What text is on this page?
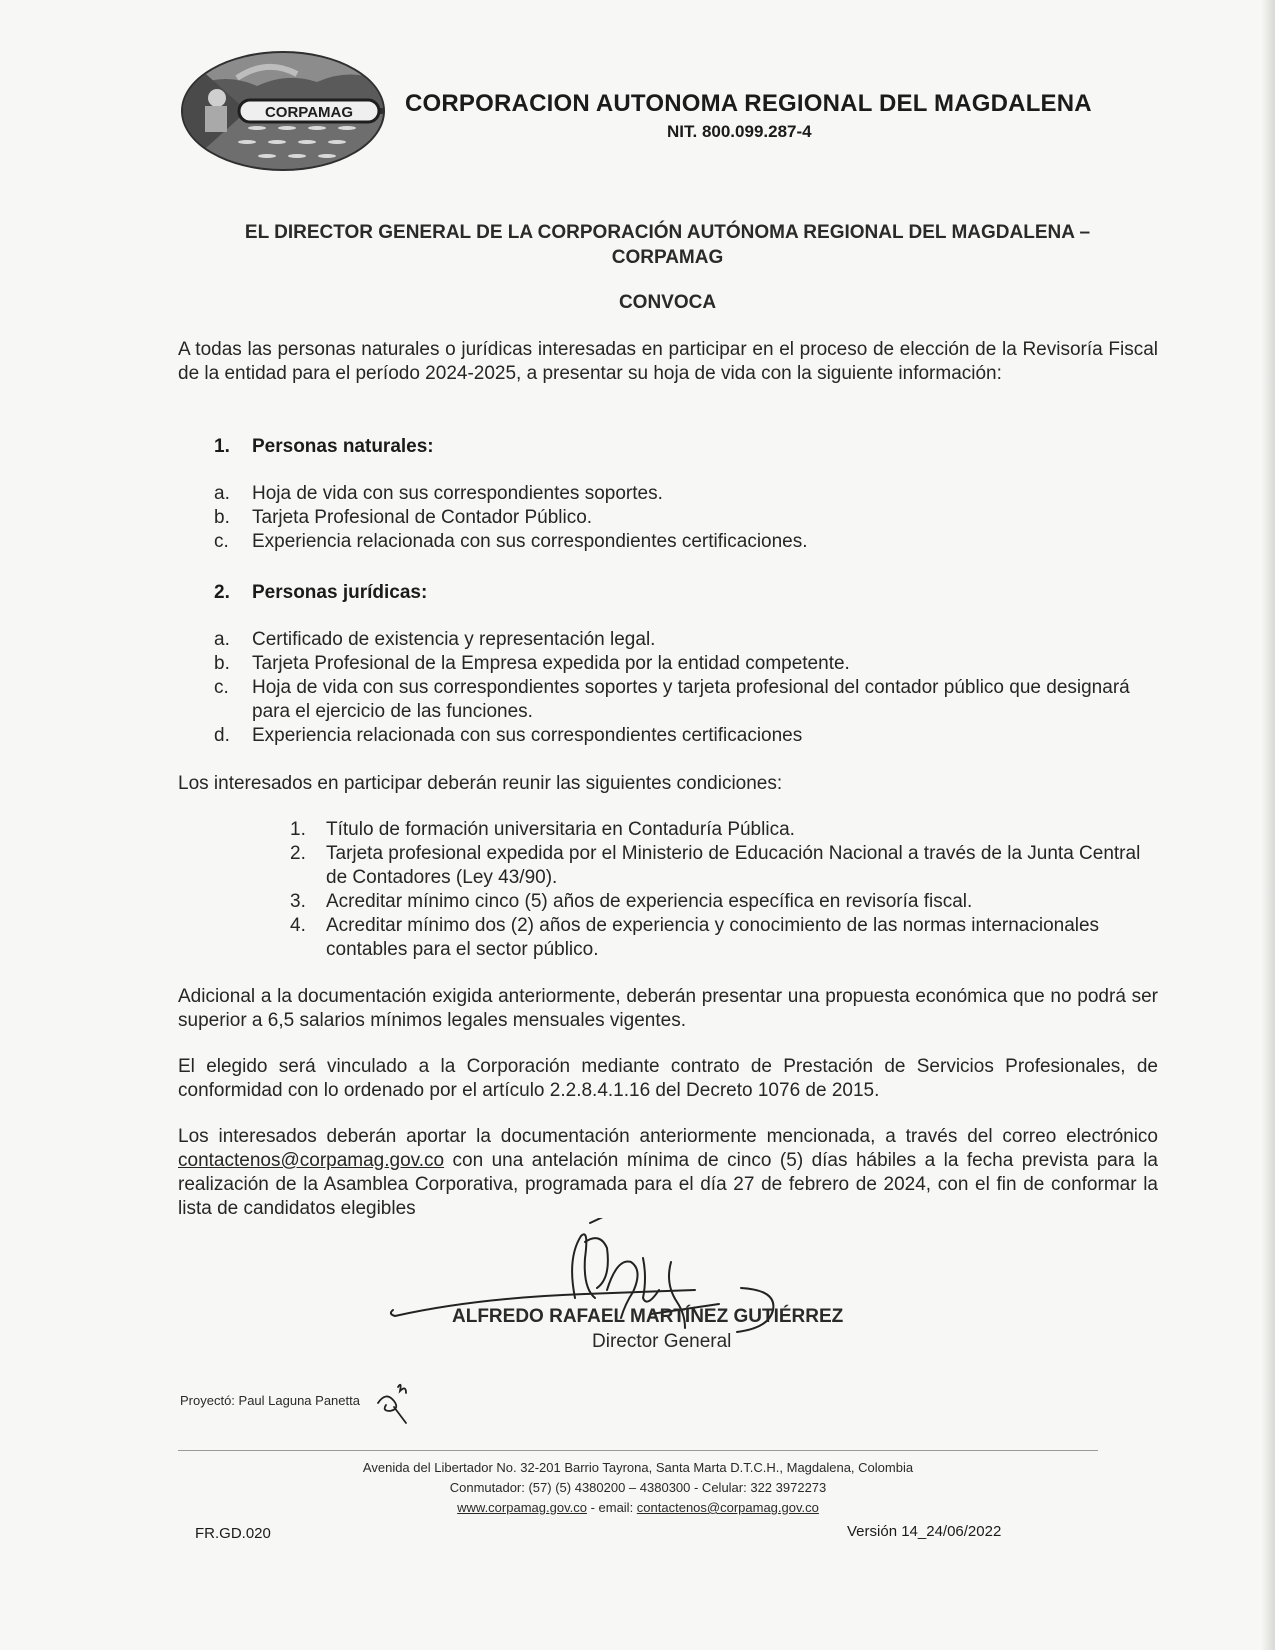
CORPAMAG CORPORACION AUTONOMA REGIONAL DEL MAGDALENA
NIT. 800.099.287-4
EL DIRECTOR GENERAL DE LA CORPORACIÓN AUTÓNOMA REGIONAL DEL MAGDALENA –
CORPAMAG
CONVOCA
A todas las personas naturales o jurídicas interesadas en participar en el proceso de elección de la Revisoría Fiscal de la entidad para el período 2024-2025, a presentar su hoja de vida con la siguiente información:
1. Personas naturales:
a. Hoja de vida con sus correspondientes soportes.
b. Tarjeta Profesional de Contador Público.
c. Experiencia relacionada con sus correspondientes certificaciones.
2. Personas jurídicas:
a. Certificado de existencia y representación legal.
b. Tarjeta Profesional de la Empresa expedida por la entidad competente.
c. Hoja de vida con sus correspondientes soportes y tarjeta profesional del contador público que designará para el ejercicio de las funciones.
d. Experiencia relacionada con sus correspondientes certificaciones
Los interesados en participar deberán reunir las siguientes condiciones:
1. Título de formación universitaria en Contaduría Pública.
2. Tarjeta profesional expedida por el Ministerio de Educación Nacional a través de la Junta Central de Contadores (Ley 43/90).
3. Acreditar mínimo cinco (5) años de experiencia específica en revisoría fiscal.
4. Acreditar mínimo dos (2) años de experiencia y conocimiento de las normas internacionales contables para el sector público.
Adicional a la documentación exigida anteriormente, deberán presentar una propuesta económica que no podrá ser superior a 6,5 salarios mínimos legales mensuales vigentes.
El elegido será vinculado a la Corporación mediante contrato de Prestación de Servicios Profesionales, de conformidad con lo ordenado por el artículo 2.2.8.4.1.16 del Decreto 1076 de 2015.
Los interesados deberán aportar la documentación anteriormente mencionada, a través del correo electrónico contactenos@corpamag.gov.co con una antelación mínima de cinco (5) días hábiles a la fecha prevista para la realización de la Asamblea Corporativa, programada para el día 27 de febrero de 2024, con el fin de conformar la lista de candidatos elegibles
ALFREDO RAFAEL MARTÍNEZ GUTIÉRREZ
Director General
Proyectó: Paul Laguna Panetta
Avenida del Libertador No. 32-201 Barrio Tayrona, Santa Marta D.T.C.H., Magdalena, Colombia
Conmutador: (57) (5) 4380200 – 4380300 - Celular: 322 3972273
www.corpamag.gov.co - email: contactenos@corpamag.gov.co
FR.GD.020	Versión 14_24/06/2022
